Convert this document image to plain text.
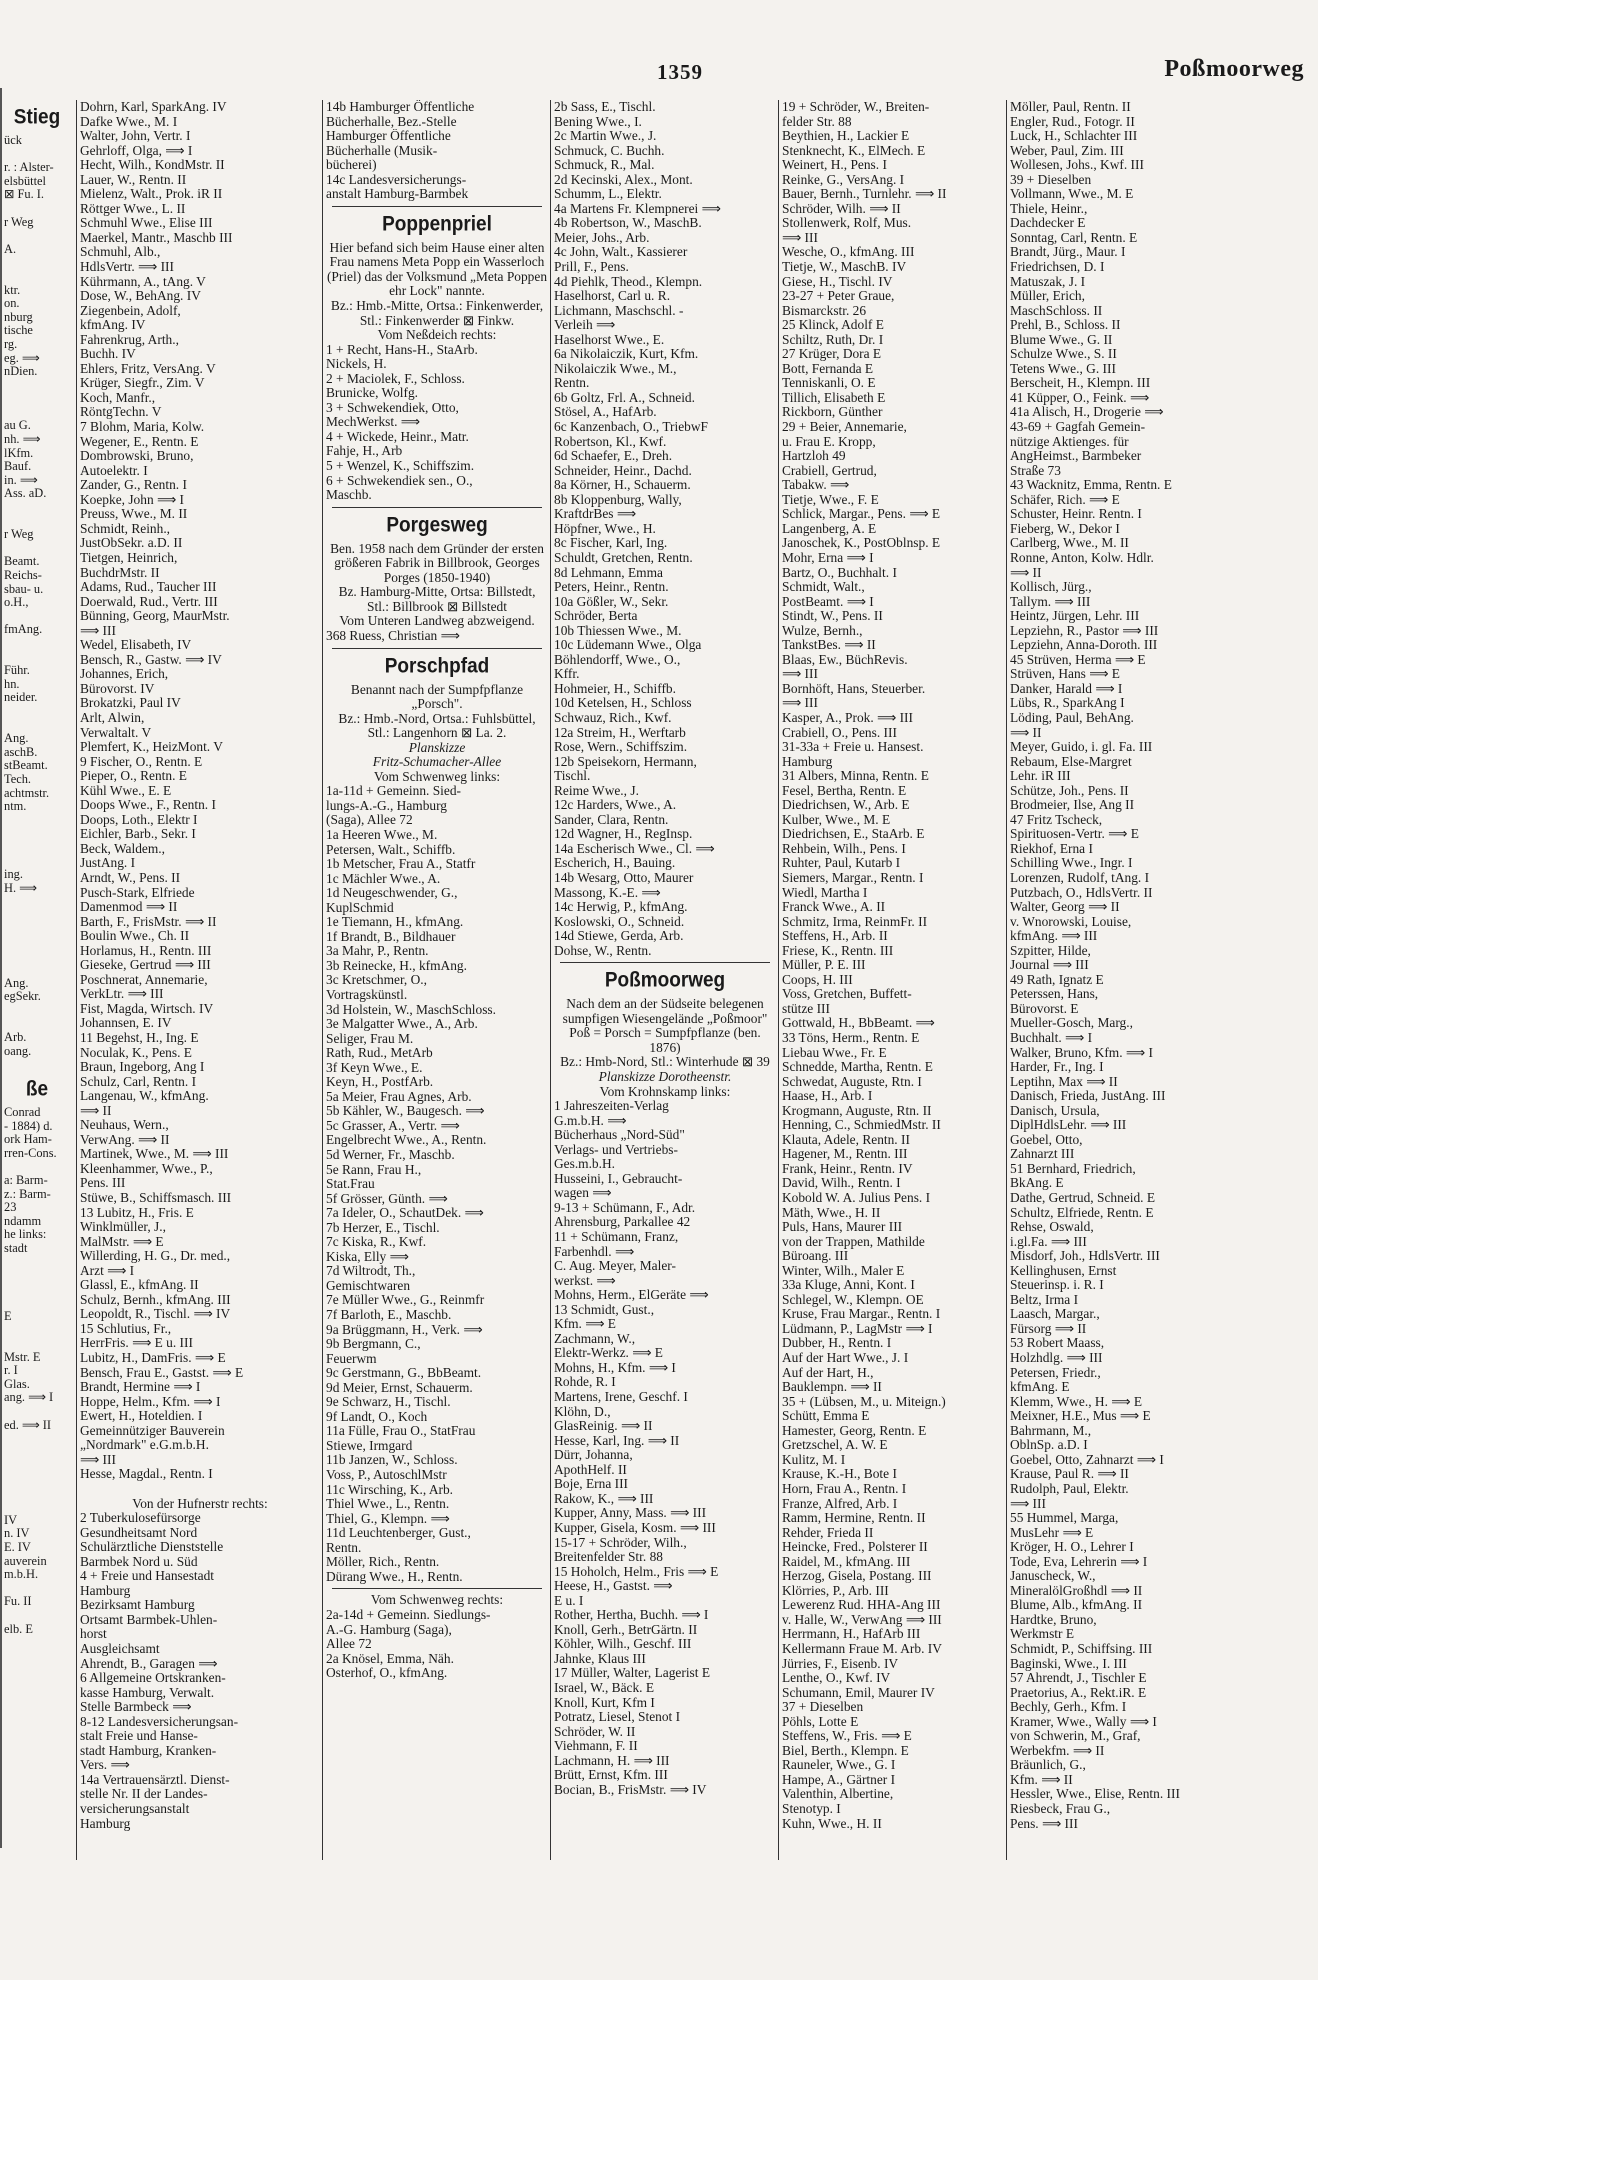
1359	Poßmoorweg
Stieg
ück

r. : Alster-
elsbüttel
⊠ Fu. I.

r Weg

A.

ktr.
on.
nburg
tische
rg.
eg. ⟹
nDien.

au G.
nh. ⟹
lKfm.
Bauf.
in. ⟹
Ass. aD.

r Weg

Beamt.
Reichs-
sbau- u.
o.H.,

fmAng.

Führ.
hn.
neider.

Ang.
aschB.
stBeamt.
Tech.
achtmstr.
ntm.

ing.
H. ⟹

Ang.
egSekr.

Arb.
oang.

ße
Conrad
- 1884) d.
ork Ham-
rren-Cons.

a: Barm-
z.: Barm-
23
ndamm
he links:
stadt

E

Mstr. E
r. I
Glas.
ang. ⟹ I

ed. ⟹ II

IV
n. IV
E. IV
auverein
m.b.H.

Fu. II

elb. E
Dohrn, Karl, SparkAng. IV
Dafke Wwe., M. I
Walter, John, Vertr. I
Gehrloff, Olga, ⟹ I
Hecht, Wilh., KondMstr. II
Lauer, W., Rentn. II
Mielenz, Walt., Prok. iR II
Röttger Wwe., L. II
Schmuhl Wwe., Elise III
Maerkel, Mantr., Maschb III
Schmuhl, Alb.,
HdlsVertr. ⟹ III
Kührmann, A., tAng. V
Dose, W., BehAng. IV
Ziegenbein, Adolf,
kfmAng. IV
Fahrenkrug, Arth.,
Buchh. IV
Ehlers, Fritz, VersAng. V
Krüger, Siegfr., Zim. V
Koch, Manfr.,
RöntgTechn. V
7 Blohm, Maria, Kolw.
Wegener, E., Rentn. E
Dombrowski, Bruno,
Autoelektr. I
Zander, G., Rentn. I
Koepke, John ⟹ I
Preuss, Wwe., M. II
Schmidt, Reinh.,
JustObSekr. a.D. II
Tietgen, Heinrich,
BuchdrMstr. II
Adams, Rud., Taucher III
Doerwald, Rud., Vertr. III
Bünning, Georg, MaurMstr.
⟹ III
Wedel, Elisabeth, IV
Bensch, R., Gastw. ⟹ IV
Johannes, Erich,
Bürovorst. IV
Brokatzki, Paul IV
Arlt, Alwin,
Verwaltalt. V
Plemfert, K., HeizMont. V
9 Fischer, O., Rentn. E
Pieper, O., Rentn. E
Kühl Wwe., E. E
Doops Wwe., F., Rentn. I
Doops, Loth., Elektr I
Eichler, Barb., Sekr. I
Beck, Waldem.,
JustAng. I
Arndt, W., Pens. II
Pusch-Stark, Elfriede
Damenmod ⟹ II
Barth, F., FrisMstr. ⟹ II
Boulin Wwe., Ch. II
Horlamus, H., Rentn. III
Gieseke, Gertrud ⟹ III
Poschnerat, Annemarie,
VerkLtr. ⟹ III
Fist, Magda, Wirtsch. IV
Johannsen, E. IV
11 Begehst, H., Ing. E
Noculak, K., Pens. E
Braun, Ingeborg, Ang I
Schulz, Carl, Rentn. I
Langenau, W., kfmAng.
⟹ II
Neuhaus, Wern.,
VerwAng. ⟹ II
Martinek, Wwe., M. ⟹ III
Kleenhammer, Wwe., P.,
Pens. III
Stüwe, B., Schiffsmasch. III
13 Lubitz, H., Fris. E
Winklmüller, J.,
MalMstr. ⟹ E
Willerding, H. G., Dr. med.,
Arzt ⟹ I
Glassl, E., kfmAng. II
Schulz, Bernh., kfmAng. III
Leopoldt, R., Tischl. ⟹ IV
15 Schlutius, Fr.,
HerrFris. ⟹ E u. III
Lubitz, H., DamFris. ⟹ E
Bensch, Frau E., Gastst. ⟹ E
Brandt, Hermine ⟹ I
Hoppe, Helm., Kfm. ⟹ I
Ewert, H., Hoteldien. I
Gemeinnütziger Bauverein
„Nordmark" e.G.m.b.H.
⟹ III
Hesse, Magdal., Rentn. I

Von der Hufnerstr rechts:
2 Tuberkulosefürsorge
Gesundheitsamt Nord
Schulärztliche Dienststelle
Barmbek Nord u. Süd
4 + Freie und Hansestadt
Hamburg
Bezirksamt Hamburg
Ortsamt Barmbek-Uhlen-
horst
Ausgleichsamt
Ahrendt, B., Garagen ⟹
6 Allgemeine Ortskranken-
kasse Hamburg, Verwalt.
Stelle Barmbeck ⟹
8-12 Landesversicherungsan-
stalt Freie und Hanse-
stadt Hamburg, Kranken-
Vers. ⟹
14a Vertrauensärztl. Dienst-
stelle Nr. II der Landes-
versicherungsanstalt
Hamburg
14b Hamburger Öffentliche
Bücherhalle, Bez.-Stelle
Hamburger Öffentliche
Bücherhalle (Musik-
bücherei)
14c Landesversicherungs-
anstalt Hamburg-Barmbek
Poppenpriel
Hier befand sich beim Hause einer alten Frau namens Meta Popp ein Wasserloch (Priel) das der Volksmund „Meta Poppen ehr Lock" nannte.
Bz.: Hmb.-Mitte, Ortsa.: Finkenwerder, Stl.: Finkenwerder ⊠ Finkw.
Vom Neßdeich rechts:
1 + Recht, Hans-H., StaArb.
Nickels, H.
2 + Maciolek, F., Schloss.
Brunicke, Wolfg.
3 + Schwekendiek, Otto,
MechWerkst. ⟹
4 + Wickede, Heinr., Matr.
Fahje, H., Arb
5 + Wenzel, K., Schiffszim.
6 + Schwekendiek sen., O.,
Maschb.
Porgesweg
Ben. 1958 nach dem Gründer der ersten größeren Fabrik in Billbrook, Georges Porges (1850-1940)
Bz. Hamburg-Mitte, Ortsa: Billstedt, Stl.: Billbrook ⊠ Billstedt
Vom Unteren Landweg abzweigend.
368 Ruess, Christian ⟹
Porschpfad
Benannt nach der Sumpfpflanze „Porsch".
Bz.: Hmb.-Nord, Ortsa.: Fuhlsbüttel, Stl.: Langenhorn ⊠ La. 2.
Planskizze
Fritz-Schumacher-Allee
Vom Schwenweg links:
1a-11d + Gemeinn. Sied-
lungs-A.-G., Hamburg
(Saga), Allee 72
1a Heeren Wwe., M.
Petersen, Walt., Schiffb.
1b Metscher, Frau A., Statfr
1c Mächler Wwe., A.
1d Neugeschwender, G.,
KuplSchmid
1e Tiemann, H., kfmAng.
1f Brandt, B., Bildhauer
3a Mahr, P., Rentn.
3b Reinecke, H., kfmAng.
3c Kretschmer, O.,
Vortragskünstl.
3d Holstein, W., MaschSchloss.
3e Malgatter Wwe., A., Arb.
Seliger, Frau M.
Rath, Rud., MetArb
3f Keyn Wwe., E.
Keyn, H., PostfArb.
5a Meier, Frau Agnes, Arb.
5b Kähler, W., Baugesch. ⟹
5c Grasser, A., Vertr. ⟹
Engelbrecht Wwe., A., Rentn.
5d Werner, Fr., Maschb.
5e Rann, Frau H.,
Stat.Frau
5f Grösser, Günth. ⟹
7a Ideler, O., SchautDek. ⟹
7b Herzer, E., Tischl.
7c Kiska, R., Kwf.
Kiska, Elly ⟹
7d Wiltrodt, Th.,
Gemischtwaren
7e Müller Wwe., G., Reinmfr
7f Barloth, E., Maschb.
9a Brüggmann, H., Verk. ⟹
9b Bergmann, C.,
Feuerwm
9c Gerstmann, G., BbBeamt.
9d Meier, Ernst, Schauerm.
9e Schwarz, H., Tischl.
9f Landt, O., Koch
11a Fülle, Frau O., StatFrau
Stiewe, Irmgard
11b Janzen, W., Schloss.
Voss, P., AutoschlMstr
11c Wirsching, K., Arb.
Thiel Wwe., L., Rentn.
Thiel, G., Klempn. ⟹
11d Leuchtenberger, Gust.,
Rentn.
Möller, Rich., Rentn.
Dürang Wwe., H., Rentn.
Vom Schwenweg rechts:
2a-14d + Gemeinn. Siedlungs-
A.-G. Hamburg (Saga),
Allee 72
2a Knösel, Emma, Näh.
Osterhof, O., kfmAng.
2b Sass, E., Tischl.
Bening Wwe., I.
2c Martin Wwe., J.
Schmuck, C. Buchh.
Schmuck, R., Mal.
2d Kecinski, Alex., Mont.
Schumm, L., Elektr.
4a Martens Fr. Klempnerei ⟹
4b Robertson, W., MaschB.
Meier, Johs., Arb.
4c John, Walt., Kassierer
Prill, F., Pens.
4d Piehlk, Theod., Klempn.
Haselhorst, Carl u. R.
Lichmann, Maschschl. -
Verleih ⟹
Haselhorst Wwe., E.
6a Nikolaiczik, Kurt, Kfm.
Nikolaiczik Wwe., M.,
Rentn.
6b Goltz, Frl. A., Schneid.
Stösel, A., HafArb.
6c Kanzenbach, O., TriebwF
Robertson, Kl., Kwf.
6d Schaefer, E., Dreh.
Schneider, Heinr., Dachd.
8a Körner, H., Schauerm.
8b Kloppenburg, Wally,
KraftdrBes ⟹
Höpfner, Wwe., H.
8c Fischer, Karl, Ing.
Schuldt, Gretchen, Rentn.
8d Lehmann, Emma
Peters, Heinr., Rentn.
10a Gößler, W., Sekr.
Schröder, Berta
10b Thiessen Wwe., M.
10c Lüdemann Wwe., Olga
Böhlendorff, Wwe., O.,
Kffr.
Hohmeier, H., Schiffb.
10d Ketelsen, H., Schloss
Schwauz, Rich., Kwf.
12a Streim, H., Werftarb
Rose, Wern., Schiffszim.
12b Speisekorn, Hermann,
Tischl.
Reime Wwe., J.
12c Harders, Wwe., A.
Sander, Clara, Rentn.
12d Wagner, H., RegInsp.
14a Escherisch Wwe., Cl. ⟹
Escherich, H., Bauing.
14b Wesarg, Otto, Maurer
Massong, K.-E. ⟹
14c Herwig, P., kfmAng.
Koslowski, O., Schneid.
14d Stiewe, Gerda, Arb.
Dohse, W., Rentn.
Poßmoorweg
Nach dem an der Südseite belegenen sumpfigen Wiesengelände „Poßmoor" Poß = Porsch = Sumpfpflanze (ben. 1876)
Bz.: Hmb-Nord, Stl.: Winterhude ⊠ 39
Planskizze Dorotheenstr.
Vom Krohnskamp links:
1 Jahreszeiten-Verlag
G.m.b.H. ⟹
Bücherhaus „Nord-Süd"
Verlags- und Vertriebs-
Ges.m.b.H.
Husseini, I., Gebraucht-
wagen ⟹
9-13 + Schümann, F., Adr.
Ahrensburg, Parkallee 42
11 + Schümann, Franz,
Farbenhdl. ⟹
C. Aug. Meyer, Maler-
werkst. ⟹
Mohns, Herm., ElGeräte ⟹
13 Schmidt, Gust.,
Kfm. ⟹ E
Zachmann, W.,
Elektr-Werkz. ⟹ E
Mohns, H., Kfm. ⟹ I
Rohde, R. I
Martens, Irene, Geschf. I
Klöhn, D.,
GlasReinig. ⟹ II
Hesse, Karl, Ing. ⟹ II
Dürr, Johanna,
ApothHelf. II
Boje, Erna III
Rakow, K., ⟹ III
Kupper, Anny, Mass. ⟹ III
Kupper, Gisela, Kosm. ⟹ III
15-17 + Schröder, Wilh.,
Breitenfelder Str. 88
15 Hoholch, Helm., Fris ⟹ E
Heese, H., Gastst. ⟹
E u. I
Rother, Hertha, Buchh. ⟹ I
Knoll, Gerh., BetrGärtn. II
Köhler, Wilh., Geschf. III
Jahnke, Klaus III
17 Müller, Walter, Lagerist E
Israel, W., Bäck. E
Knoll, Kurt, Kfm I
Potratz, Liesel, Stenot I
Schröder, W. II
Viehmann, F. II
Lachmann, H. ⟹ III
Brütt, Ernst, Kfm. III
Bocian, B., FrisMstr. ⟹ IV
19 + Schröder, W., Breiten-
felder Str. 88
Beythien, H., Lackier E
Stenknecht, K., ElMech. E
Weinert, H., Pens. I
Reinke, G., VersAng. I
Bauer, Bernh., Turnlehr. ⟹ II
Schröder, Wilh. ⟹ II
Stollenwerk, Rolf, Mus.
⟹ III
Wesche, O., kfmAng. III
Tietje, W., MaschB. IV
Giese, H., Tischl. IV
23-27 + Peter Graue,
Bismarckstr. 26
25 Klinck, Adolf E
Schiltz, Ruth, Dr. I
27 Krüger, Dora E
Bott, Fernanda E
Tenniskanli, O. E
Tillich, Elisabeth E
Rickborn, Günther
29 + Beier, Annemarie,
u. Frau E. Kropp,
Hartzloh 49
Crabiell, Gertrud,
Tabakw. ⟹
Tietje, Wwe., F. E
Schlick, Margar., Pens. ⟹ E
Langenberg, A. E
Janoschek, K., PostOblnsp. E
Mohr, Erna ⟹ I
Bartz, O., Buchhalt. I
Schmidt, Walt.,
PostBeamt. ⟹ I
Stindt, W., Pens. II
Wulze, Bernh.,
TankstBes. ⟹ II
Blaas, Ew., BüchRevis.
⟹ III
Bornhöft, Hans, Steuerber.
⟹ III
Kasper, A., Prok. ⟹ III
Crabiell, O., Pens. III
31-33a + Freie u. Hansest.
Hamburg
31 Albers, Minna, Rentn. E
Fesel, Bertha, Rentn. E
Diedrichsen, W., Arb. E
Kulber, Wwe., M. E
Diedrichsen, E., StaArb. E
Rehbein, Wilh., Pens. I
Ruhter, Paul, Kutarb I
Siemers, Margar., Rentn. I
Wiedl, Martha I
Franck Wwe., A. II
Schmitz, Irma, ReinmFr. II
Steffens, H., Arb. II
Friese, K., Rentn. III
Müller, P. E. III
Coops, H. III
Voss, Gretchen, Buffett-
stütze III
Gottwald, H., BbBeamt. ⟹
33 Töns, Herm., Rentn. E
Liebau Wwe., Fr. E
Schnedde, Martha, Rentn. E
Schwedat, Auguste, Rtn. I
Haase, H., Arb. I
Krogmann, Auguste, Rtn. II
Henning, C., SchmiedMstr. II
Klauta, Adele, Rentn. II
Hagener, M., Rentn. III
Frank, Heinr., Rentn. IV
David, Wilh., Rentn. I
Kobold W. A. Julius Pens. I
Mäth, Wwe., H. II
Puls, Hans, Maurer III
von der Trappen, Mathilde
Büroang. III
Winter, Wilh., Maler E
33a Kluge, Anni, Kont. I
Schlegel, W., Klempn. OE
Kruse, Frau Margar., Rentn. I
Lüdmann, P., LagMstr ⟹ I
Dubber, H., Rentn. I
Auf der Hart Wwe., J. I
Auf der Hart, H.,
Bauklempn. ⟹ II
35 + (Lübsen, M., u. Miteign.)
Schütt, Emma E
Hamester, Georg, Rentn. E
Gretzschel, A. W. E
Kulitz, M. I
Krause, K.-H., Bote I
Horn, Frau A., Rentn. I
Franze, Alfred, Arb. I
Ramm, Hermine, Rentn. II
Rehder, Frieda II
Heincke, Fred., Polsterer II
Raidel, M., kfmAng. III
Herzog, Gisela, Postang. III
Klörries, P., Arb. III
Lewerenz Rud. HHA-Ang III
v. Halle, W., VerwAng ⟹ III
Herrmann, H., HafArb III
Kellermann Fraue M. Arb. IV
Jürries, F., Eisenb. IV
Lenthe, O., Kwf. IV
Schumann, Emil, Maurer IV
37 + Dieselben
Pöhls, Lotte E
Steffens, W., Fris. ⟹ E
Biel, Berth., Klempn. E
Rauneler, Wwe., G. I
Hampe, A., Gärtner I
Valenthin, Albertine,
Stenotyp. I
Kuhn, Wwe., H. II
Möller, Paul, Rentn. II
Engler, Rud., Fotogr. II
Luck, H., Schlachter III
Weber, Paul, Zim. III
Wollesen, Johs., Kwf. III
39 + Dieselben
Vollmann, Wwe., M. E
Thiele, Heinr.,
Dachdecker E
Sonntag, Carl, Rentn. E
Brandt, Jürg., Maur. I
Friedrichsen, D. I
Matuszak, J. I
Müller, Erich,
MaschSchloss. II
Prehl, B., Schloss. II
Blume Wwe., G. II
Schulze Wwe., S. II
Tetens Wwe., G. III
Berscheit, H., Klempn. III
41 Küpper, O., Feink. ⟹
41a Alisch, H., Drogerie ⟹
43-69 + Gagfah Gemein-
nützige Aktienges. für
AngHeimst., Barmbeker
Straße 73
43 Wacknitz, Emma, Rentn. E
Schäfer, Rich. ⟹ E
Schuster, Heinr. Rentn. I
Fieberg, W., Dekor I
Carlberg, Wwe., M. II
Ronne, Anton, Kolw. Hdlr.
⟹ II
Kollisch, Jürg.,
Tallym. ⟹ III
Heintz, Jürgen, Lehr. III
Lepziehn, R., Pastor ⟹ III
Lepziehn, Anna-Doroth. III
45 Strüven, Herma ⟹ E
Strüven, Hans ⟹ E
Danker, Harald ⟹ I
Lübs, R., SparkAng I
Löding, Paul, BehAng.
⟹ II
Meyer, Guido, i. gl. Fa. III
Rebaum, Else-Margret
Lehr. iR III
Schütze, Joh., Pens. II
Brodmeier, Ilse, Ang II
47 Fritz Tscheck,
Spirituosen-Vertr. ⟹ E
Riekhof, Erna I
Schilling Wwe., Ingr. I
Lorenzen, Rudolf, tAng. I
Putzbach, O., HdlsVertr. II
Walter, Georg ⟹ II
v. Wnorowski, Louise,
kfmAng. ⟹ III
Szpitter, Hilde,
Journal ⟹ III
49 Rath, Ignatz E
Peterssen, Hans,
Bürovorst. E
Mueller-Gosch, Marg.,
Buchhalt. ⟹ I
Walker, Bruno, Kfm. ⟹ I
Harder, Fr., Ing. I
Leptihn, Max ⟹ II
Danisch, Frieda, JustAng. III
Danisch, Ursula,
DiplHdlsLehr. ⟹ III
Goebel, Otto,
Zahnarzt III
51 Bernhard, Friedrich,
BkAng. E
Dathe, Gertrud, Schneid. E
Schultz, Elfriede, Rentn. E
Rehse, Oswald,
i.gl.Fa. ⟹ III
Misdorf, Joh., HdlsVertr. III
Kellinghusen, Ernst
Steuerinsp. i. R. I
Beltz, Irma I
Laasch, Margar.,
Fürsorg ⟹ II
53 Robert Maass,
Holzhdlg. ⟹ III
Petersen, Friedr.,
kfmAng. E
Klemm, Wwe., H. ⟹ E
Meixner, H.E., Mus ⟹ E
Bahrmann, M.,
OblnSp. a.D. I
Goebel, Otto, Zahnarzt ⟹ I
Krause, Paul R. ⟹ II
Rudolph, Paul, Elektr.
⟹ III
55 Hummel, Marga,
MusLehr ⟹ E
Kröger, H. O., Lehrer I
Tode, Eva, Lehrerin ⟹ I
Januscheck, W.,
MineralölGroßhdl ⟹ II
Blume, Alb., kfmAng. II
Hardtke, Bruno,
Werkmstr E
Schmidt, P., Schiffsing. III
Baginski, Wwe., I. III
57 Ahrendt, J., Tischler E
Praetorius, A., Rekt.iR. E
Bechly, Gerh., Kfm. I
Kramer, Wwe., Wally ⟹ I
von Schwerin, M., Graf,
Werbekfm. ⟹ II
Bräunlich, G.,
Kfm. ⟹ II
Hessler, Wwe., Elise, Rentn. III
Riesbeck, Frau G.,
Pens. ⟹ III
